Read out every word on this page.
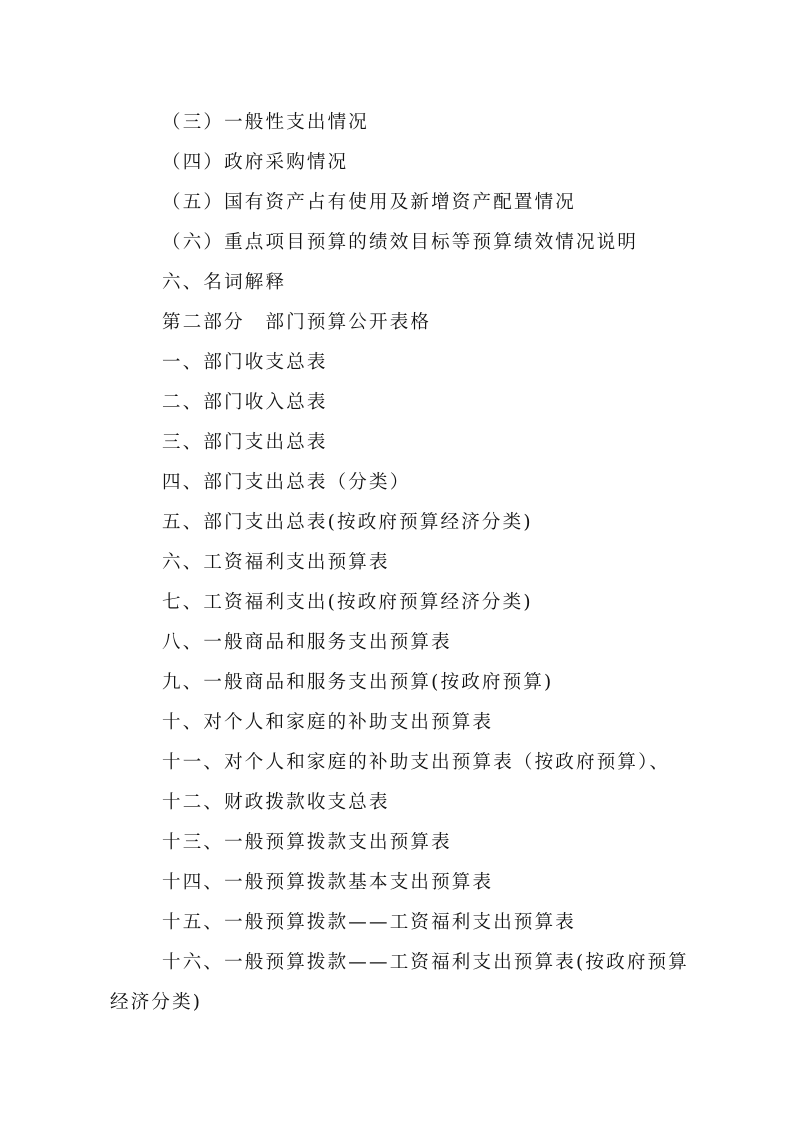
（三）一般性支出情况
（四）政府采购情况
（五）国有资产占有使用及新增资产配置情况
（六）重点项目预算的绩效目标等预算绩效情况说明
六、名词解释
第二部分　部门预算公开表格
一、部门收支总表
二、部门收入总表
三、部门支出总表
四、部门支出总表（分类）
五、部门支出总表(按政府预算经济分类)
六、工资福利支出预算表
七、工资福利支出(按政府预算经济分类)
八、一般商品和服务支出预算表
九、一般商品和服务支出预算(按政府预算)
十、对个人和家庭的补助支出预算表
十一、对个人和家庭的补助支出预算表（按政府预算）、
十二、财政拨款收支总表
十三、一般预算拨款支出预算表
十四、一般预算拨款基本支出预算表
十五、一般预算拨款——工资福利支出预算表
十六、一般预算拨款——工资福利支出预算表(按政府预算
经济分类)
